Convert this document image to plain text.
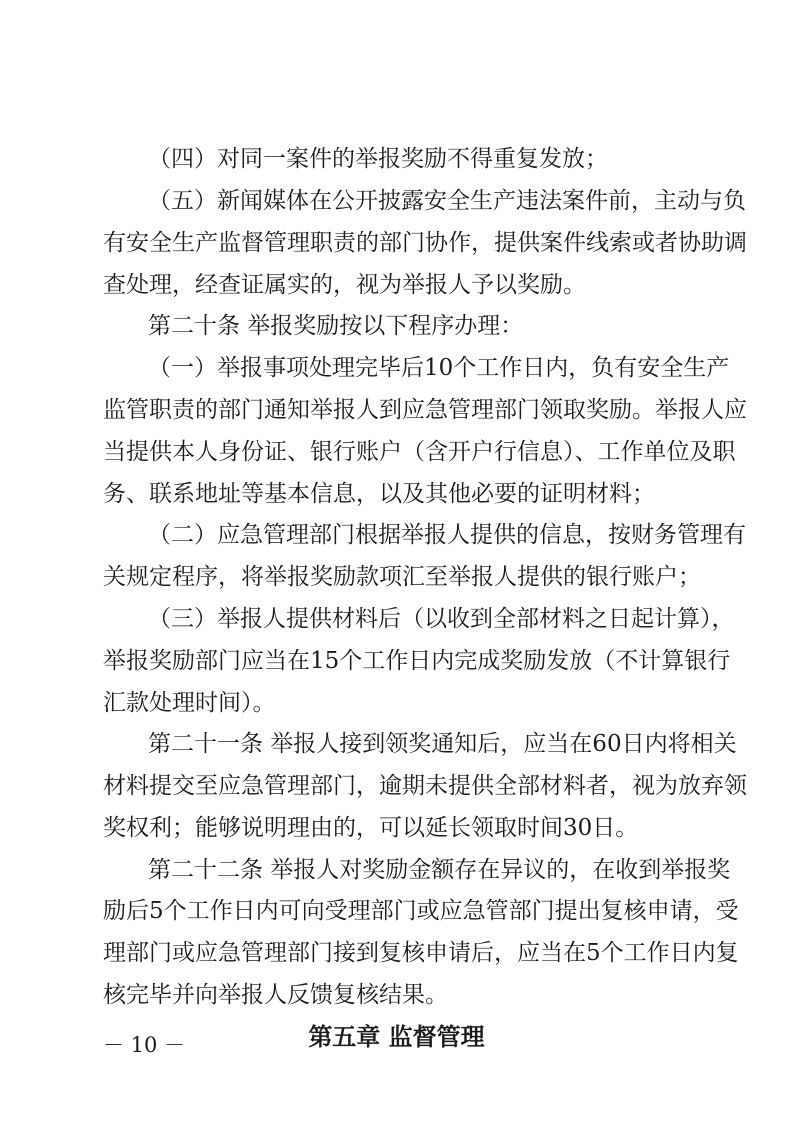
（四）对同一案件的举报奖励不得重复发放；
（五）新闻媒体在公开披露安全生产违法案件前，主动与负
有安全生产监督管理职责的部门协作，提供案件线索或者协助调
查处理，经查证属实的，视为举报人予以奖励。
第二十条 举报奖励按以下程序办理：
（一）举报事项处理完毕后10个工作日内，负有安全生产
监管职责的部门通知举报人到应急管理部门领取奖励。举报人应
当提供本人身份证、银行账户（含开户行信息）、工作单位及职
务、联系地址等基本信息，以及其他必要的证明材料；
（二）应急管理部门根据举报人提供的信息，按财务管理有
关规定程序，将举报奖励款项汇至举报人提供的银行账户；
（三）举报人提供材料后（以收到全部材料之日起计算），
举报奖励部门应当在15个工作日内完成奖励发放（不计算银行
汇款处理时间）。
第二十一条 举报人接到领奖通知后，应当在60日内将相关
材料提交至应急管理部门，逾期未提供全部材料者，视为放弃领
奖权利；能够说明理由的，可以延长领取时间30日。
第二十二条 举报人对奖励金额存在异议的，在收到举报奖
励后5个工作日内可向受理部门或应急管部门提出复核申请，受
理部门或应急管理部门接到复核申请后，应当在5个工作日内复
核完毕并向举报人反馈复核结果。
第五章 监督管理
－ 10 －
